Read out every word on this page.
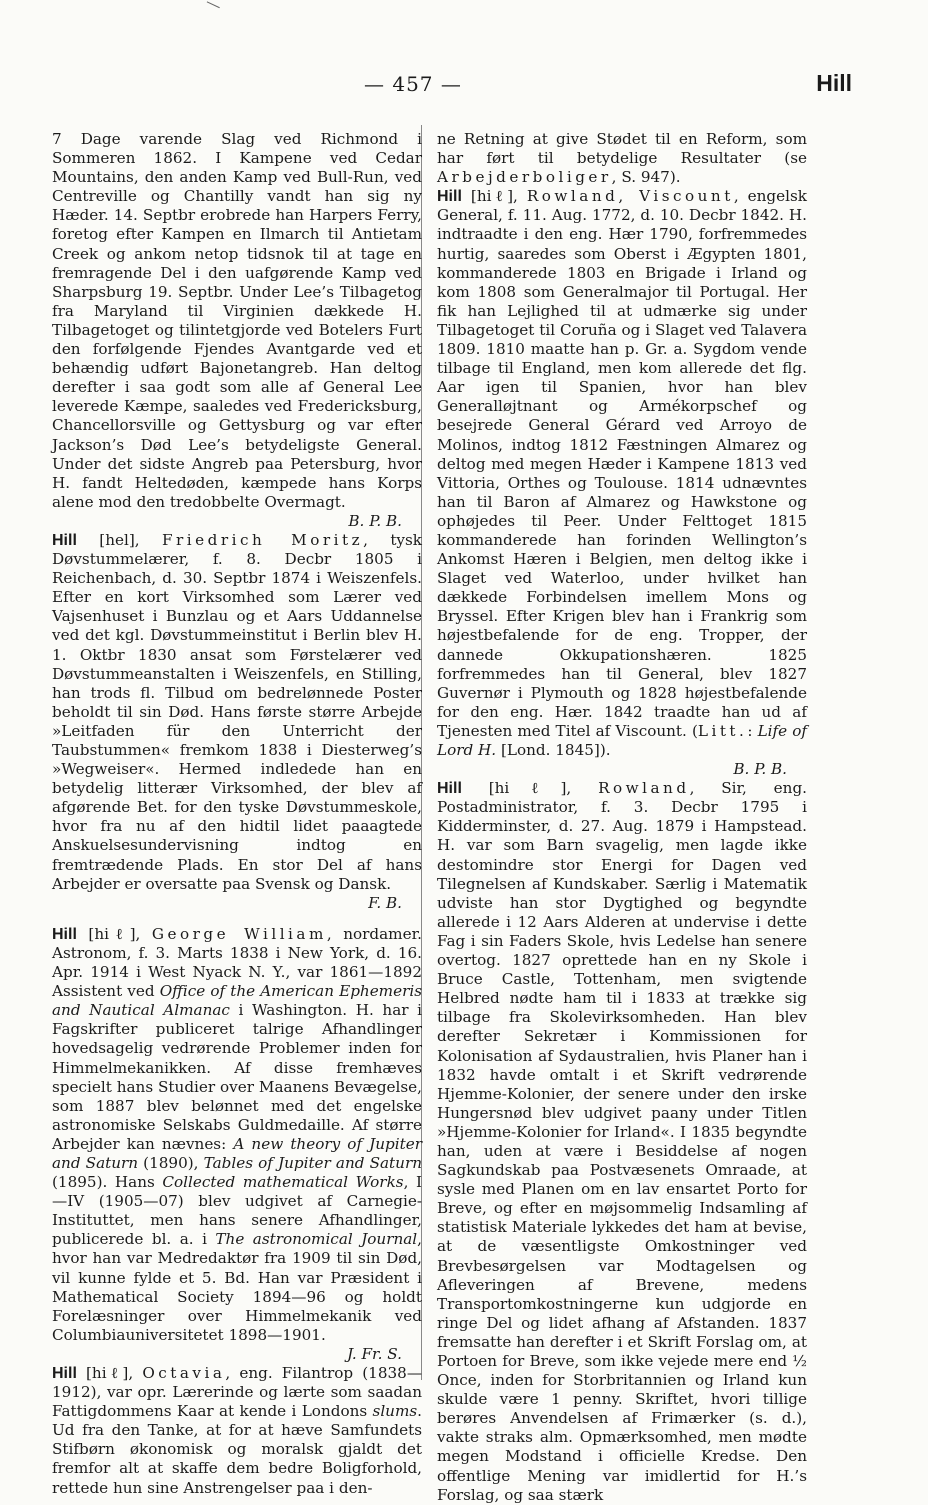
— 457 —	Hill

7 Dage varende Slag ved Richmond i Sommeren 1862. I Kampene ved Cedar Mountains, den anden Kamp ved Bull-Run, ved Centreville og Chantilly vandt han sig ny Hæder. 14. Septbr erobrede han Harpers Ferry, foretog efter Kampen en Ilmarch til Antietam Creek og ankom netop tidsnok til at tage en fremragende Del i den uafgørende Kamp ved Sharpsburg 19. Septbr. Under Lee’s Tilbagetog fra Maryland til Virginien dækkede H. Tilbagetoget og tilintetgjorde ved Botelers Furt den forfølgende Fjendes Avantgarde ved et behændig udført Bajonetangreb. Han deltog derefter i saa godt som alle af General Lee leverede Kæmpe, saaledes ved Fredericksburg, Chancellorsville og Gettysburg og var efter Jackson’s Død Lee’s betydeligste General. Under det sidste Angreb paa Petersburg, hvor H. fandt Heltedøden, kæmpede hans Korps alene mod den tredobbelte Overmagt.
B. P. B.

Hill [hel], Friedrich Moritz, tysk Døvstummelærer, f. 8. Decbr 1805 i Reichenbach, d. 30. Septbr 1874 i Weiszenfels. Efter en kort Virksomhed som Lærer ved Vajsenhuset i Bunzlau og et Aars Uddannelse ved det kgl. Døvstummeinstitut i Berlin blev H. 1. Oktbr 1830 ansat som Førstelærer ved Døvstummeanstalten i Weiszenfels, en Stilling, han trods fl. Tilbud om bedrelønnede Poster beholdt til sin Død. Hans første større Arbejde »Leitfaden für den Unterricht der Taubstummen« fremkom 1838 i Diesterweg’s »Wegweiser«. Hermed indledede han en betydelig litterær Virksomhed, der blev af afgørende Bet. for den tyske Døvstummeskole, hvor fra nu af den hidtil lidet paaagtede Anskuelsesundervisning indtog en fremtrædende Plads. En stor Del af hans Arbejder er oversatte paa Svensk og Dansk.
F. B.

Hill [hiℓ], George William, nordamer. Astronom, f. 3. Marts 1838 i New York, d. 16. Apr. 1914 i West Nyack N. Y., var 1861—1892 Assistent ved Office of the American Ephemeris and Nautical Almanac i Washington. H. har i Fagskrifter publiceret talrige Afhandlinger hovedsagelig vedrørende Problemer inden for Himmelmekanikken. Af disse fremhæves specielt hans Studier over Maanens Bevægelse, som 1887 blev belønnet med det engelske astronomiske Selskabs Guldmedaille. Af større Arbejder kan nævnes: A new theory of Jupiter and Saturn (1890), Tables of Jupiter and Saturn (1895). Hans Collected mathematical Works, I—IV (1905—07) blev udgivet af Carnegie-Instituttet, men hans senere Afhandlinger, publicerede bl. a. i The astronomical Journal, hvor han var Medredaktør fra 1909 til sin Død, vil kunne fylde et 5. Bd. Han var Præsident i Mathematical Society 1894—96 og holdt Forelæsninger over Himmelmekanik ved Columbiauniversitetet 1898—1901.
J. Fr. S.

Hill [hiℓ], Octavia, eng. Filantrop (1838—1912), var opr. Lærerinde og lærte som saadan Fattigdommens Kaar at kende i Londons slums. Ud fra den Tanke, at for at hæve Samfundets Stifbørn økonomisk og moralsk gjaldt det fremfor alt at skaffe dem bedre Boligforhold, rettede hun sine Anstrengelser paa i den-

ne Retning at give Stødet til en Reform, som har ført til betydelige Resultater (se Arbejderboliger, S. 947).

Hill [hiℓ], Rowland, Viscount, engelsk General, f. 11. Aug. 1772, d. 10. Decbr 1842. H. indtraadte i den eng. Hær 1790, forfremmedes hurtig, saaredes som Oberst i Ægypten 1801, kommanderede 1803 en Brigade i Irland og kom 1808 som Generalmajor til Portugal. Her fik han Lejlighed til at udmærke sig under Tilbagetoget til Coruña og i Slaget ved Talavera 1809. 1810 maatte han p. Gr. a. Sygdom vende tilbage til England, men kom allerede det flg. Aar igen til Spanien, hvor han blev Generalløjtnant og Armékorpschef og besejrede General Gérard ved Arroyo de Molinos, indtog 1812 Fæstningen Almarez og deltog med megen Hæder i Kampene 1813 ved Vittoria, Orthes og Toulouse. 1814 udnævntes han til Baron af Almarez og Hawkstone og ophøjedes til Peer. Under Felttoget 1815 kommanderede han forinden Wellington’s Ankomst Hæren i Belgien, men deltog ikke i Slaget ved Waterloo, under hvilket han dækkede Forbindelsen imellem Mons og Bryssel. Efter Krigen blev han i Frankrig som højestbefalende for de eng. Tropper, der dannede Okkupationshæren. 1825 forfremmedes han til General, blev 1827 Guvernør i Plymouth og 1828 højestbefalende for den eng. Hær. 1842 traadte han ud af Tjenesten med Titel af Viscount. (Litt.: Life of Lord H. [Lond. 1845]).
B. P. B.

Hill [hiℓ], Rowland, Sir, eng. Postadministrator, f. 3. Decbr 1795 i Kidderminster, d. 27. Aug. 1879 i Hampstead. H. var som Barn svagelig, men lagde ikke destomindre stor Energi for Dagen ved Tilegnelsen af Kundskaber. Særlig i Matematik udviste han stor Dygtighed og begyndte allerede i 12 Aars Alderen at undervise i dette Fag i sin Faders Skole, hvis Ledelse han senere overtog. 1827 oprettede han en ny Skole i Bruce Castle, Tottenham, men svigtende Helbred nødte ham til i 1833 at trække sig tilbage fra Skolevirksomheden. Han blev derefter Sekretær i Kommissionen for Kolonisation af Sydaustralien, hvis Planer han i 1832 havde omtalt i et Skrift vedrørende Hjemme-Kolonier, der senere under den irske Hungersnød blev udgivet paany under Titlen »Hjemme-Kolonier for Irland«. I 1835 begyndte han, uden at være i Besiddelse af nogen Sagkundskab paa Postvæsenets Omraade, at sysle med Planen om en lav ensartet Porto for Breve, og efter en møjsommelig Indsamling af statistisk Materiale lykkedes det ham at bevise, at de væsentligste Omkostninger ved Brevbesørgelsen var Modtagelsen og Afleveringen af Brevene, medens Transportomkostningerne kun udgjorde en ringe Del og lidet afhang af Afstanden. 1837 fremsatte han derefter i et Skrift Forslag om, at Portoen for Breve, som ikke vejede mere end ½ Once, inden for Storbritannien og Irland kun skulde være 1 penny. Skriftet, hvori tillige berøres Anvendelsen af Frimærker (s. d.), vakte straks alm. Opmærksomhed, men mødte megen Modstand i officielle Kredse. Den offentlige Mening var imidlertid for H.’s Forslag, og saa stærk
